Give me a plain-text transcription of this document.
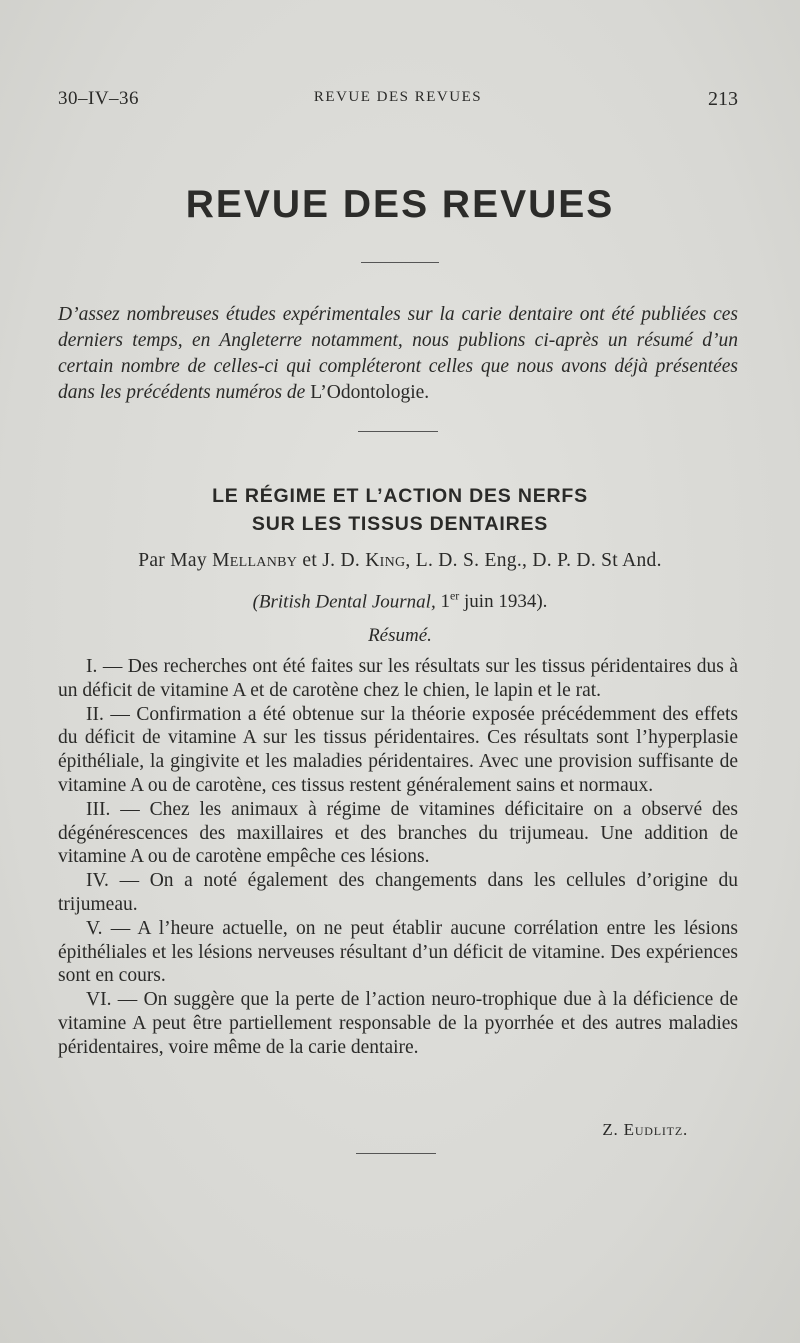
30–IV–36	REVUE DES REVUES	213
REVUE DES REVUES
D’assez nombreuses études expérimentales sur la carie dentaire ont été publiées ces derniers temps, en Angleterre notamment, nous publions ci-après un résumé d’un certain nombre de celles-ci qui compléteront celles que nous avons déjà présentées dans les précédents numéros de L’Odontologie.
LE RÉGIME ET L’ACTION DES NERFS
SUR LES TISSUS DENTAIRES
Par May Mellanby et J. D. King, L. D. S. Eng., D. P. D. St And.
(British Dental Journal, 1er juin 1934).
Résumé.

I. — Des recherches ont été faites sur les résultats sur les tissus péridentaires dus à un déficit de vitamine A et de carotène chez le chien, le lapin et le rat.

II. — Confirmation a été obtenue sur la théorie exposée précédemment des effets du déficit de vitamine A sur les tissus péridentaires. Ces résultats sont l’hyperplasie épithéliale, la gingivite et les maladies péridentaires. Avec une provision suffisante de vitamine A ou de carotène, ces tissus restent généralement sains et normaux.

III. — Chez les animaux à régime de vitamines déficitaire on a observé des dégénérescences des maxillaires et des branches du trijumeau. Une addition de vitamine A ou de carotène empêche ces lésions.

IV. — On a noté également des changements dans les cellules d’origine du trijumeau.

V. — A l’heure actuelle, on ne peut établir aucune corrélation entre les lésions épithéliales et les lésions nerveuses résultant d’un déficit de vitamine. Des expériences sont en cours.

VI. — On suggère que la perte de l’action neuro-trophique due à la déficience de vitamine A peut être partiellement responsable de la pyorrhée et des autres maladies péridentaires, voire même de la carie dentaire.

Z. Eudlitz.
